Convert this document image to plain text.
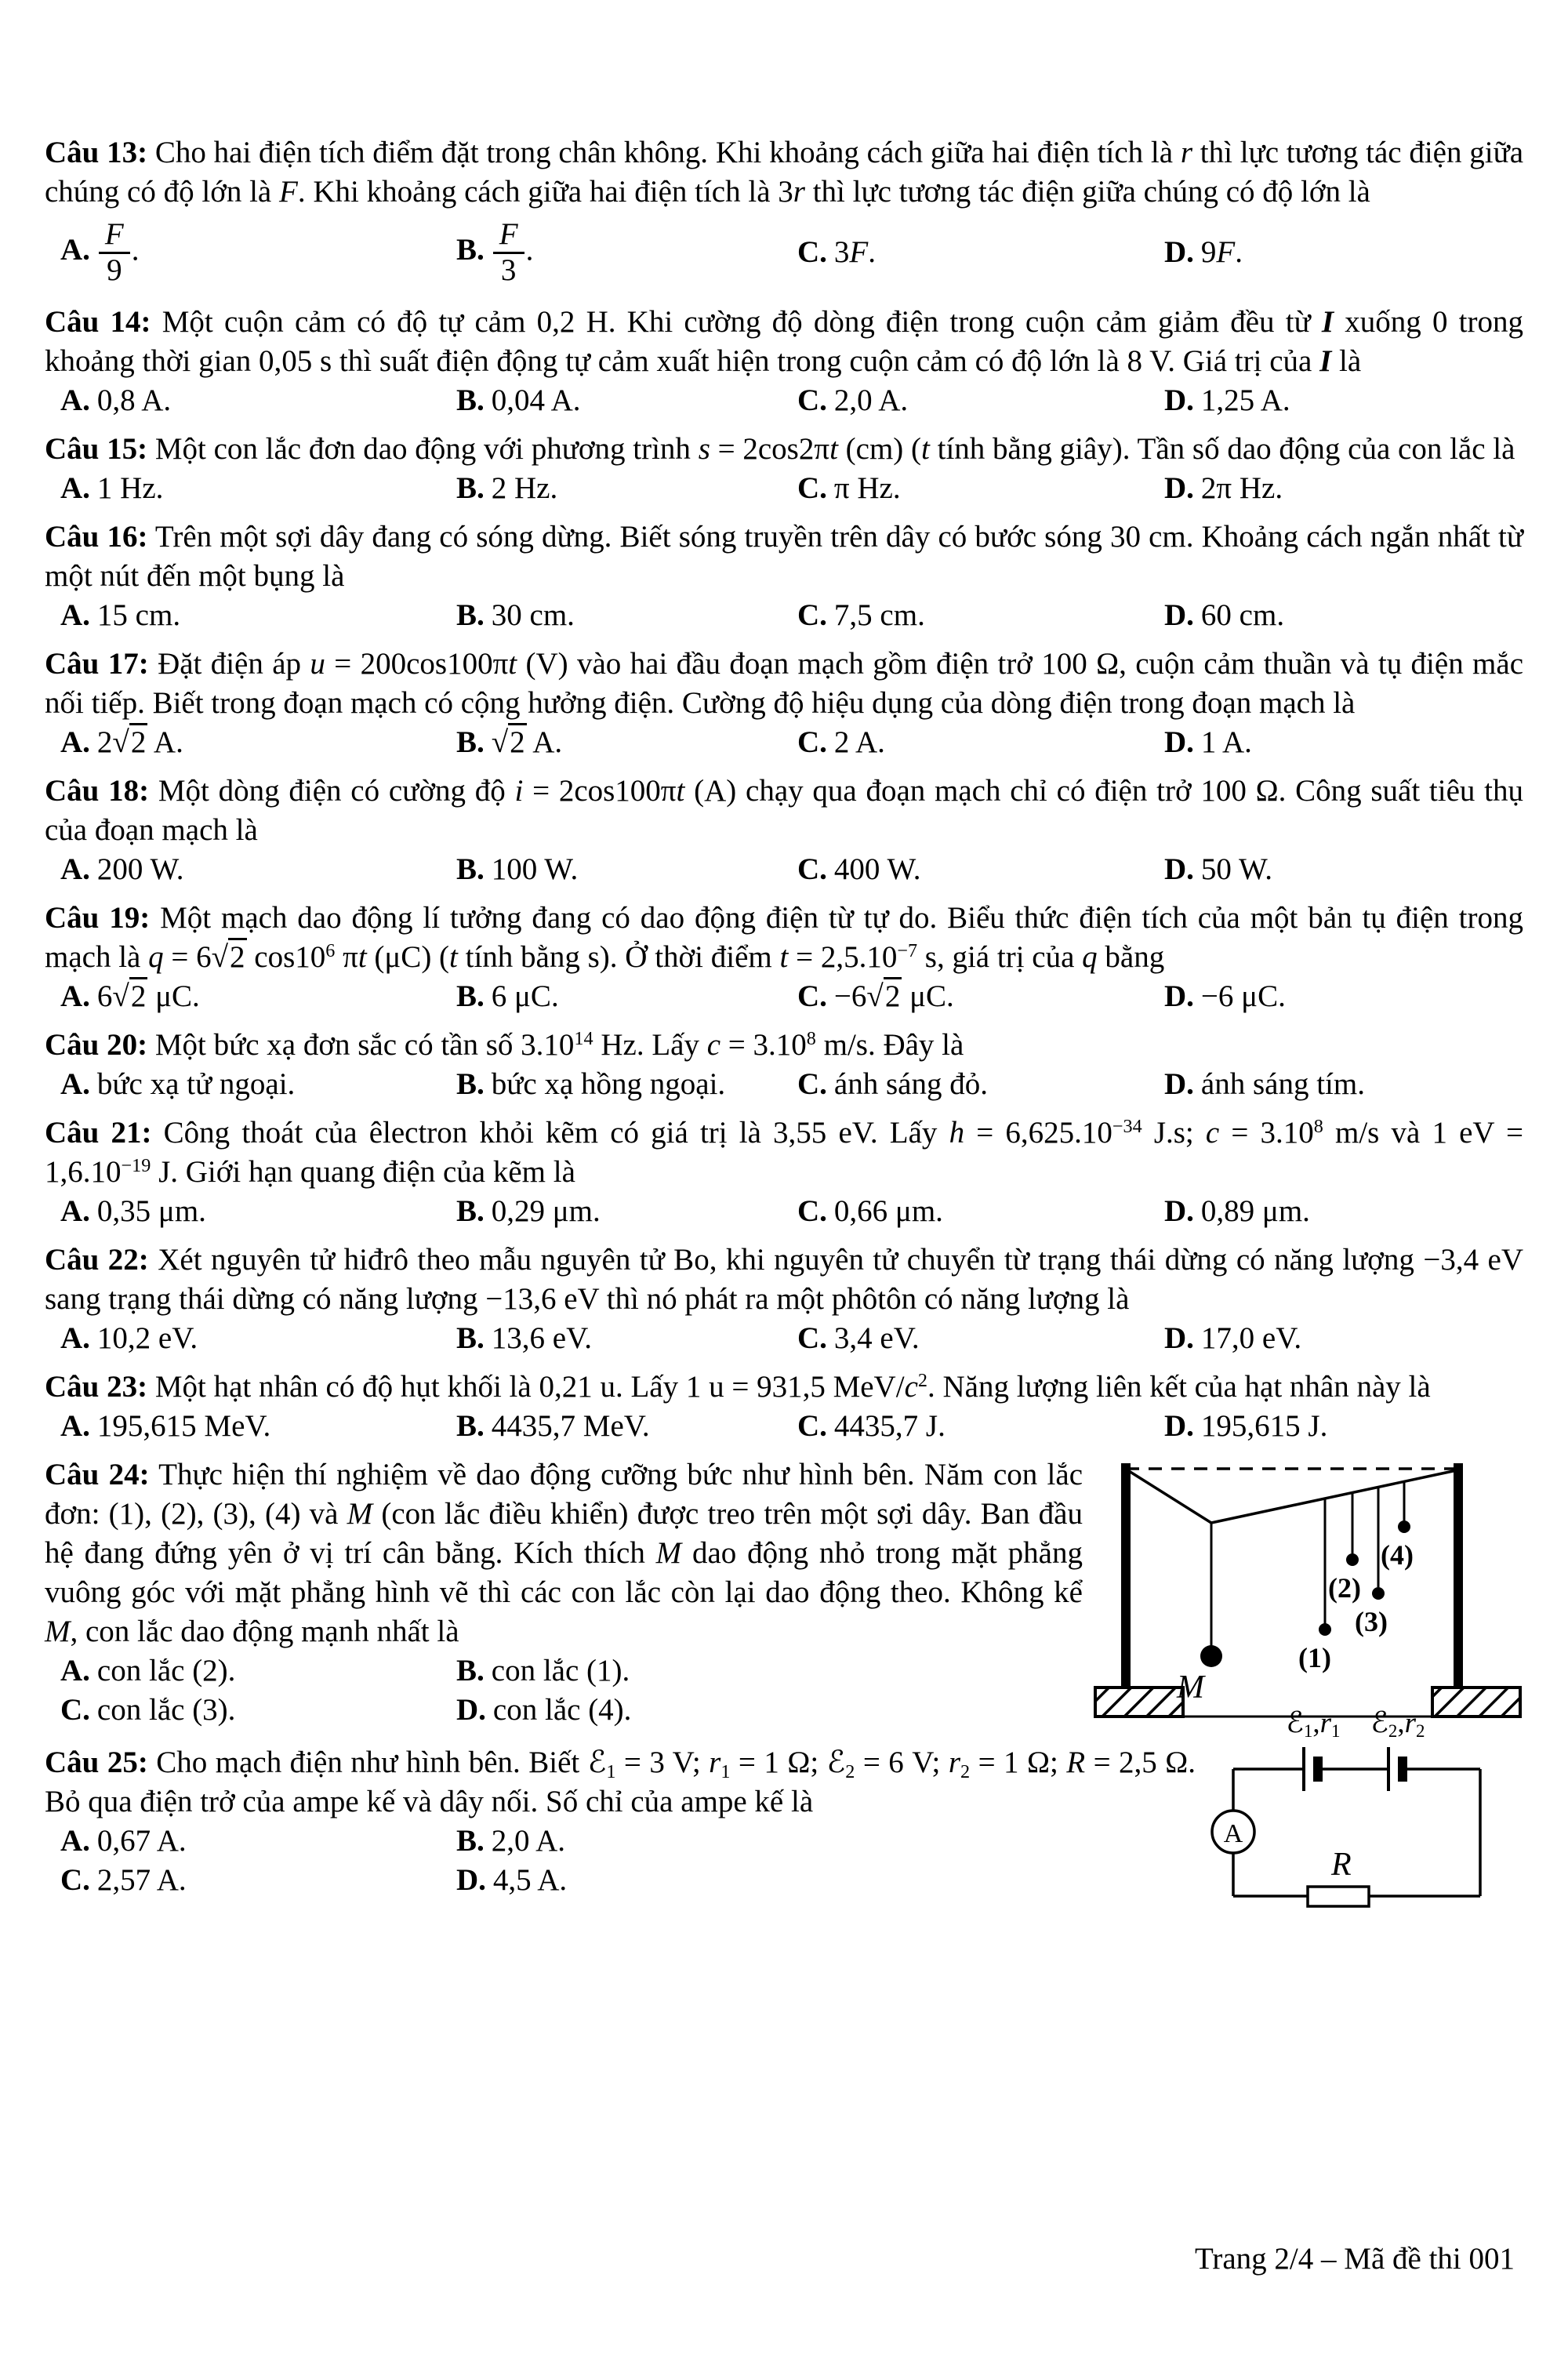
Câu 13: Cho hai điện tích điểm đặt trong chân không. Khi khoảng cách giữa hai điện tích là r thì lực tương tác điện giữa chúng có độ lớn là F. Khi khoảng cách giữa hai điện tích là 3r thì lực tương tác điện giữa chúng có độ lớn là

A. $\frac{F}{9}$ .	B. $\frac{F}{3}$ .	C. 3F.	D. 9F.

Câu 14: Một cuộn cảm có độ tự cảm 0,2 H. Khi cường độ dòng điện trong cuộn cảm giảm đều từ I xuống 0 trong khoảng thời gian 0,05 s thì suất điện động tự cảm xuất hiện trong cuộn cảm có độ lớn là 8 V. Giá trị của I là

A. 0,8 A.	B. 0,04 A.	C. 2,0 A.	D. 1,25 A.

Câu 15: Một con lắc đơn dao động với phương trình s = 2cos2πt (cm) (t tính bằng giây). Tần số dao động của con lắc là

A. 1 Hz.	B. 2 Hz.	C. π Hz.	D. 2π Hz.

Câu 16: Trên một sợi dây đang có sóng dừng. Biết sóng truyền trên dây có bước sóng 30 cm. Khoảng cách ngắn nhất từ một nút đến một bụng là

A. 15 cm.	B. 30 cm.	C. 7,5 cm.	D. 60 cm.

Câu 17: Đặt điện áp u = 200cos100πt (V) vào hai đầu đoạn mạch gồm điện trở 100 Ω, cuộn cảm thuần và tụ điện mắc nối tiếp. Biết trong đoạn mạch có cộng hưởng điện. Cường độ hiệu dụng của dòng điện trong đoạn mạch là

A. 2√2 A.	B. √2 A.	C. 2 A.	D. 1 A.

Câu 18: Một dòng điện có cường độ i = 2cos100πt (A) chạy qua đoạn mạch chỉ có điện trở 100 Ω. Công suất tiêu thụ của đoạn mạch là

A. 200 W.	B. 100 W.	C. 400 W.	D. 50 W.

Câu 19: Một mạch dao động lí tưởng đang có dao động điện từ tự do. Biểu thức điện tích của một bản tụ điện trong mạch là q = 6√2 $\cos 10^6$ πt (μC) (t tính bằng s). Ở thời điểm $t = 2,5.10^{-7}$ s, giá trị của q bằng

A. 6√2 μC.	B. 6 μC.	C. −6√2 μC.	D. −6 μC.

Câu 20: Một bức xạ đơn sắc có tần số 3.10$^{14}$ Hz. Lấy $c = 3.10^8$ m/s. Đây là

A. bức xạ tử ngoại.	B. bức xạ hồng ngoại.	C. ánh sáng đỏ.	D. ánh sáng tím.

Câu 21: Công thoát của êlectron khỏi kẽm có giá trị là 3,55 eV. Lấy $h = 6,625.10^{-34}$ J.s; $c = 3.10^8$ m/s và 1 eV = $1,6.10^{-19}$ J. Giới hạn quang điện của kẽm là

A. 0,35 μm.	B. 0,29 μm.	C. 0,66 μm.	D. 0,89 μm.

Câu 22: Xét nguyên tử hiđrô theo mẫu nguyên tử Bo, khi nguyên tử chuyển từ trạng thái dừng có năng lượng −3,4 eV sang trạng thái dừng có năng lượng −13,6 eV thì nó phát ra một phôtôn có năng lượng là

A. 10,2 eV.	B. 13,6 eV.	C. 3,4 eV.	D. 17,0 eV.

Câu 23: Một hạt nhân có độ hụt khối là 0,21 u. Lấy 1 u = 931,5 MeV/$c^2$. Năng lượng liên kết của hạt nhân này là

A. 195,615 MeV.	B. 4435,7 MeV.	C. 4435,7 J.	D. 195,615 J.

Câu 24: Thực hiện thí nghiệm về dao động cưỡng bức như hình bên. Năm con lắc đơn: (1), (2), (3), (4) và M (con lắc điều khiển) được treo trên một sợi dây. Ban đầu hệ đang đứng yên ở vị trí cân bằng. Kích thích M dao động nhỏ trong mặt phẳng vuông góc với mặt phẳng hình vẽ thì các con lắc còn lại dao động theo. Không kể M, con lắc dao động mạnh nhất là

A. con lắc (2).	B. con lắc (1).
C. con lắc (3).	D. con lắc (4).
M
(1)
(2)
(3)
(4)

Câu 25: Cho mạch điện như hình bên. Biết ℰ$_1$ = 3 V; $r_1 = 1$ Ω; ℰ$_2$ = 6 V; $r_2 = 1$ Ω; R = 2,5 Ω. Bỏ qua điện trở của ampe kế và dây nối. Số chỉ của ampe kế là

A. 0,67 A.	B. 2,0 A.
C. 2,57 A.	D. 4,5 A.
$ℰ_1,r_1$	$ℰ_2,r_2$
R
A
Trang 2/4 – Mã đề thi 001
